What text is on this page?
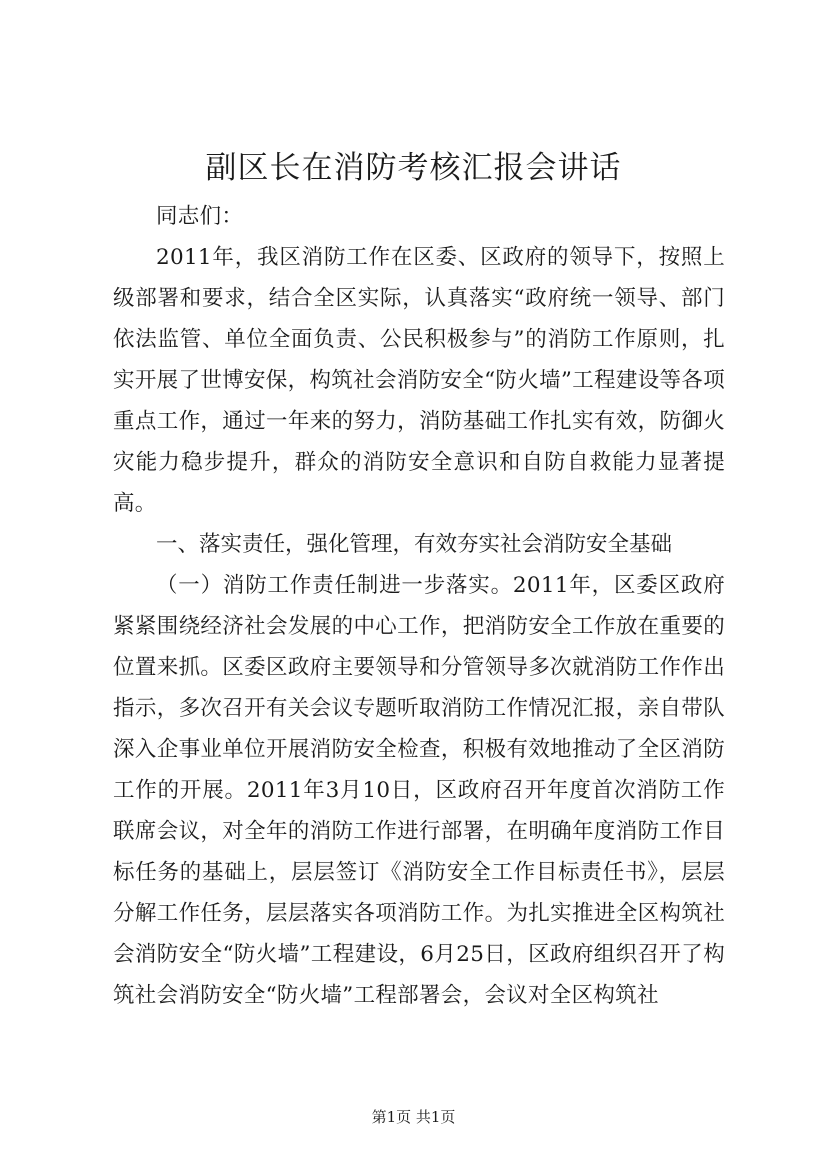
副区长在消防考核汇报会讲话

同志们：

2011年，我区消防工作在区委、区政府的领导下，按照上级部署和要求，结合全区实际，认真落实“政府统一领导、部门依法监管、单位全面负责、公民积极参与”的消防工作原则，扎实开展了世博安保，构筑社会消防安全“防火墙”工程建设等各项重点工作，通过一年来的努力，消防基础工作扎实有效，防御火灾能力稳步提升，群众的消防安全意识和自防自救能力显著提高。

一、落实责任，强化管理，有效夯实社会消防安全基础

（一）消防工作责任制进一步落实。2011年，区委区政府紧紧围绕经济社会发展的中心工作，把消防安全工作放在重要的位置来抓。区委区政府主要领导和分管领导多次就消防工作作出指示，多次召开有关会议专题听取消防工作情况汇报，亲自带队深入企事业单位开展消防安全检查，积极有效地推动了全区消防工作的开展。2011年3月10日，区政府召开年度首次消防工作联席会议，对全年的消防工作进行部署，在明确年度消防工作目标任务的基础上，层层签订《消防安全工作目标责任书》，层层分解工作任务，层层落实各项消防工作。为扎实推进全区构筑社会消防安全“防火墙”工程建设，6月25日，区政府组织召开了构筑社会消防安全“防火墙”工程部署会，会议对全区构筑社

第1页 共1页
